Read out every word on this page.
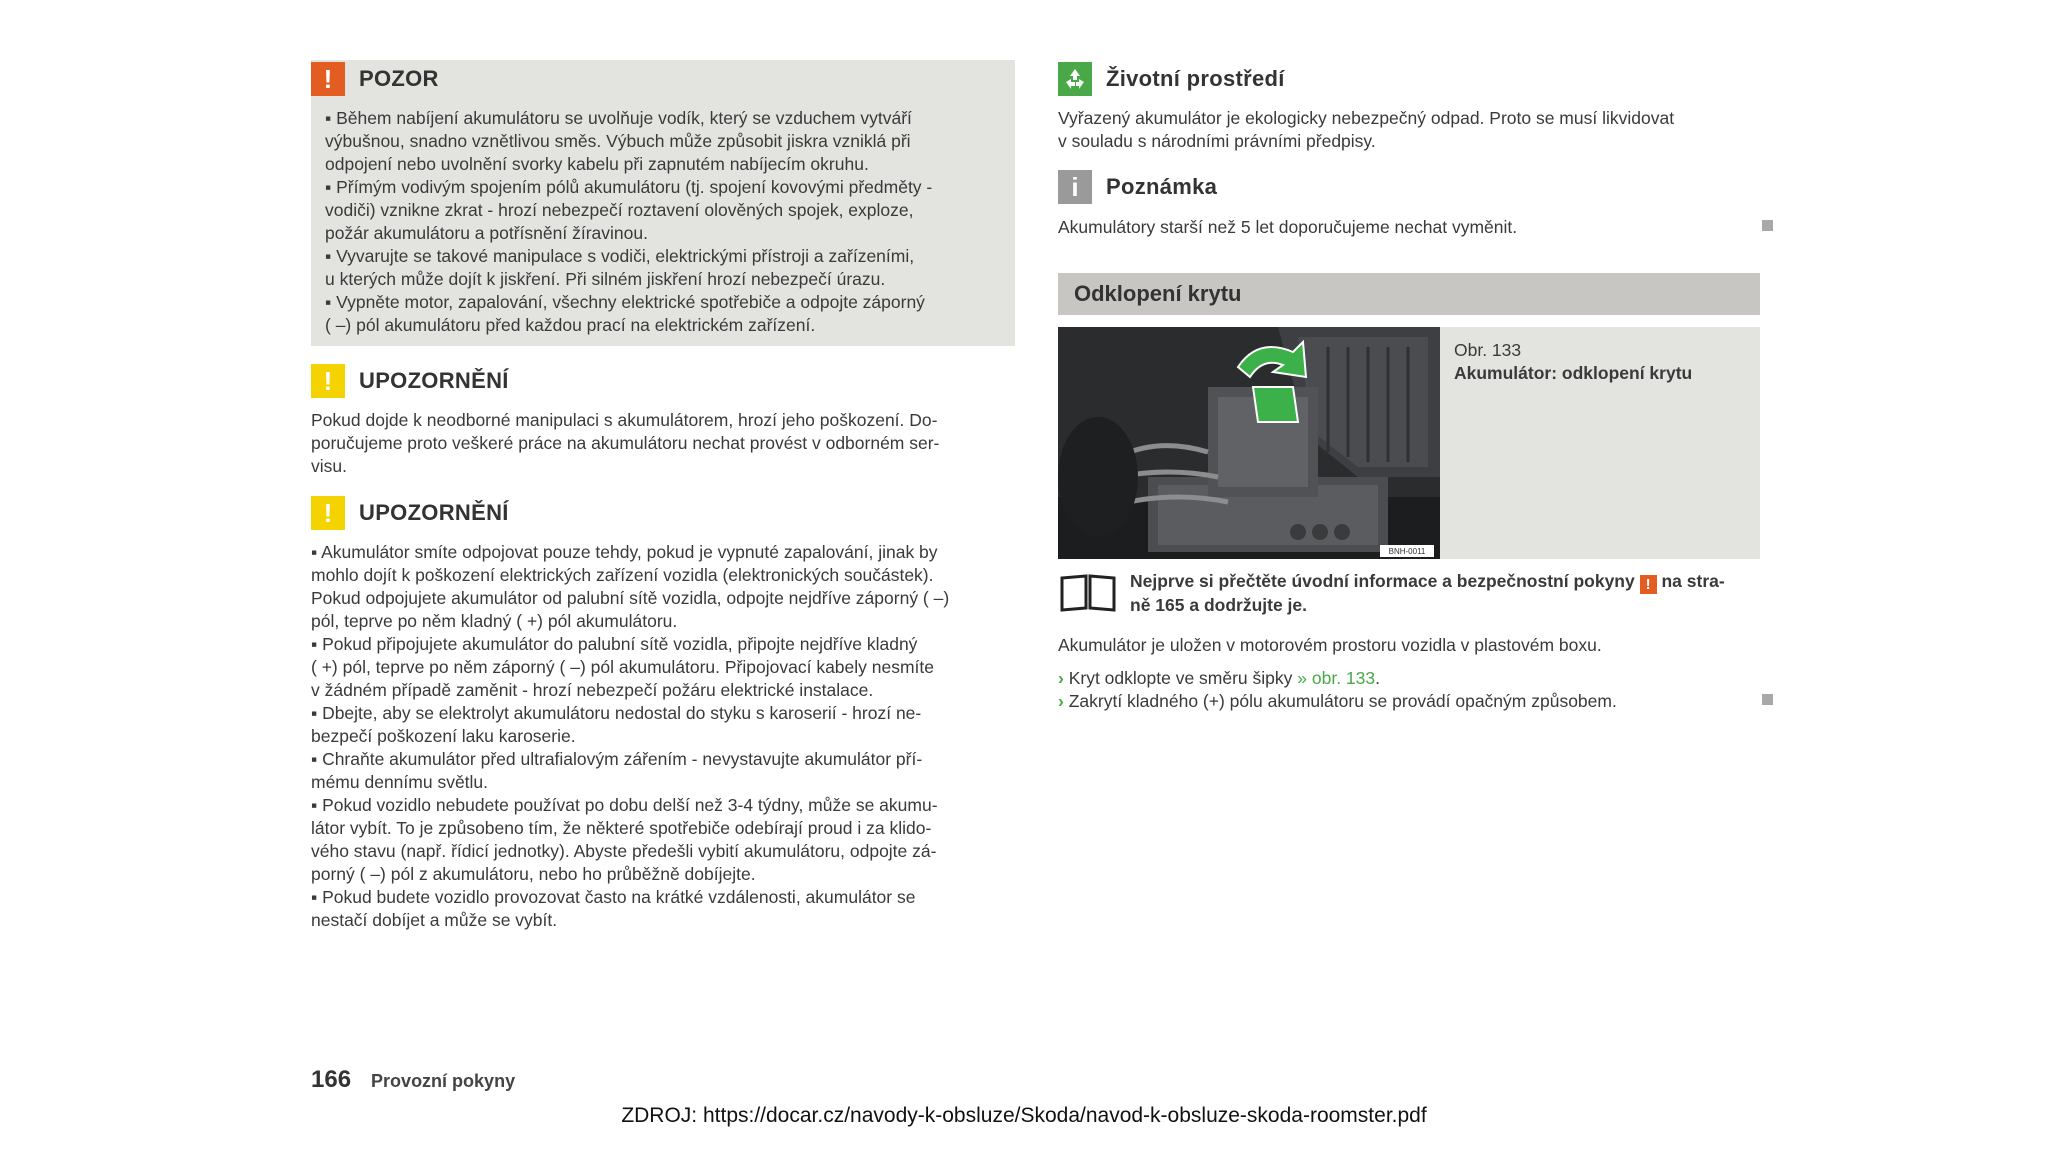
!	POZOR

▪ Během nabíjení akumulátoru se uvolňuje vodík, který se vzduchem vytváří

výbušnou, snadno vznětlivou směs. Výbuch může způsobit jiskra vzniklá při

odpojení nebo uvolnění svorky kabelu při zapnutém nabíjecím okruhu.

▪ Přímým vodivým spojením pólů akumulátoru (tj. spojení kovovými předměty -

vodiči) vznikne zkrat - hrozí nebezpečí roztavení olověných spojek, exploze,

požár akumulátoru a potřísnění žíravinou.

▪ Vyvarujte se takové manipulace s vodiči, elektrickými přístroji a zařízeními,

u kterých může dojít k jiskření. Při silném jiskření hrozí nebezpečí úrazu.

▪ Vypněte motor, zapalování, všechny elektrické spotřebiče a odpojte záporný

( –) pól akumulátoru před každou prací na elektrickém zařízení.

!	UPOZORNĚNÍ

Pokud dojde k neodborné manipulaci s akumulátorem, hrozí jeho poškození. Do-

poručujeme proto veškeré práce na akumulátoru nechat provést v odborném ser-

visu.

!	UPOZORNĚNÍ

▪ Akumulátor smíte odpojovat pouze tehdy, pokud je vypnuté zapalování, jinak by

mohlo dojít k poškození elektrických zařízení vozidla (elektronických součástek).

Pokud odpojujete akumulátor od palubní sítě vozidla, odpojte nejdříve záporný ( –)

pól, teprve po něm kladný ( +) pól akumulátoru.

▪ Pokud připojujete akumulátor do palubní sítě vozidla, připojte nejdříve kladný

( +) pól, teprve po něm záporný ( –) pól akumulátoru. Připojovací kabely nesmíte

v žádném případě zaměnit - hrozí nebezpečí požáru elektrické instalace.

▪ Dbejte, aby se elektrolyt akumulátoru nedostal do styku s karoserií - hrozí ne-

bezpečí poškození laku karoserie.

▪ Chraňte akumulátor před ultrafialovým zářením - nevystavujte akumulátor pří-

mému dennímu světlu.

▪ Pokud vozidlo nebudete používat po dobu delší než 3-4 týdny, může se akumu-

látor vybít. To je způsobeno tím, že některé spotřebiče odebírají proud i za klido-

vého stavu (např. řídicí jednotky). Abyste předešli vybití akumulátoru, odpojte zá-

porný ( –) pól z akumulátoru, nebo ho průběžně dobíjejte.

▪ Pokud budete vozidlo provozovat často na krátké vzdálenosti, akumulátor se

nestačí dobíjet a může se vybít.

Životní prostředí

Vyřazený akumulátor je ekologicky nebezpečný odpad. Proto se musí likvidovat

v souladu s národními právními předpisy.

i	Poznámka

Akumulátory starší než 5 let doporučujeme nechat vyměnit.

Odklopení krytu
BNH-0011

Obr. 133

Akumulátor: odklopení krytu

Nejprve si přečtěte úvodní informace a bezpečnostní pokyny ! na stra-

ně 165 a dodržujte je.

Akumulátor je uložen v motorovém prostoru vozidla v plastovém boxu.

› Kryt odklopte ve směru šipky » obr. 133.

› Zakrytí kladného (+) pólu akumulátoru se provádí opačným způsobem.

166 Provozní pokyny
ZDROJ: https://docar.cz/navody-k-obsluze/Skoda/navod-k-obsluze-skoda-roomster.pdf
